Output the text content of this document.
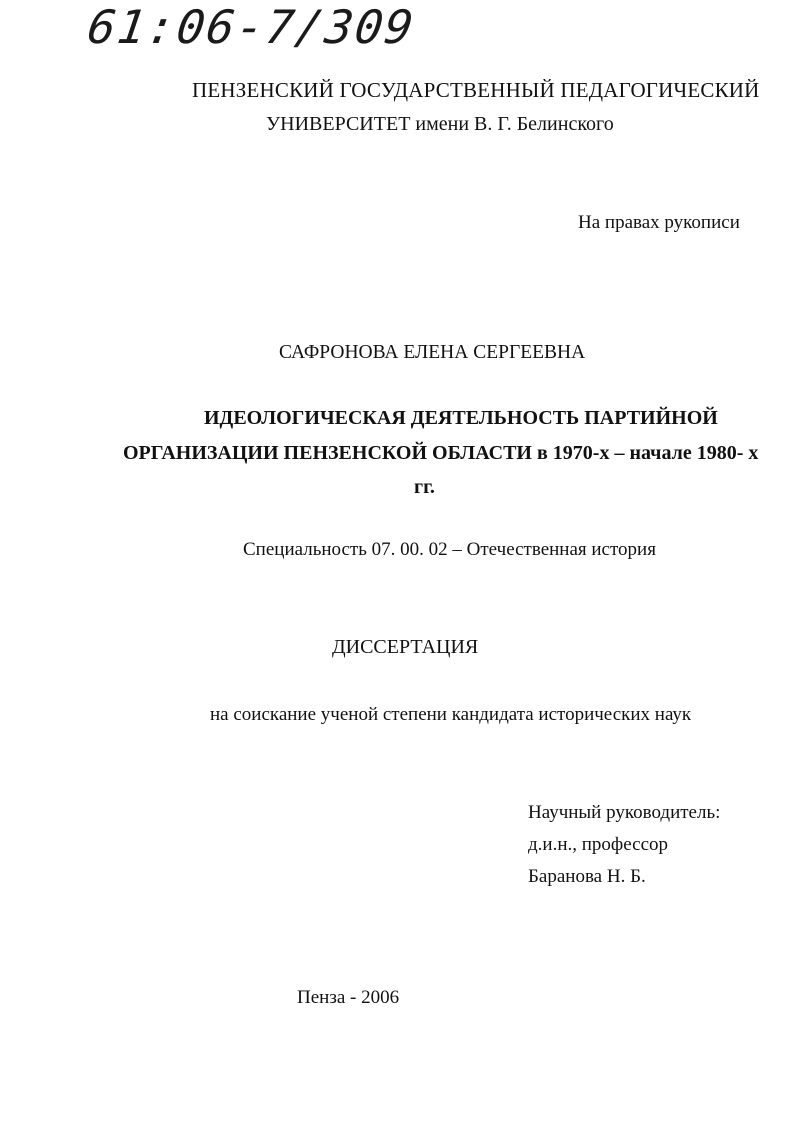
61:06-7/309
ПЕНЗЕНСКИЙ ГОСУДАРСТВЕННЫЙ ПЕДАГОГИЧЕСКИЙ
УНИВЕРСИТЕТ имени В. Г. Белинского
На правах рукописи
САФРОНОВА ЕЛЕНА СЕРГЕЕВНА
ИДЕОЛОГИЧЕСКАЯ ДЕЯТЕЛЬНОСТЬ ПАРТИЙНОЙ
ОРГАНИЗАЦИИ ПЕНЗЕНСКОЙ ОБЛАСТИ в 1970-х – начале 1980- х
гг.
Специальность 07. 00. 02 – Отечественная история
ДИССЕРТАЦИЯ
на соискание ученой степени кандидата исторических наук
Научный руководитель:
д.и.н., профессор
Баранова Н. Б.
Пенза - 2006
